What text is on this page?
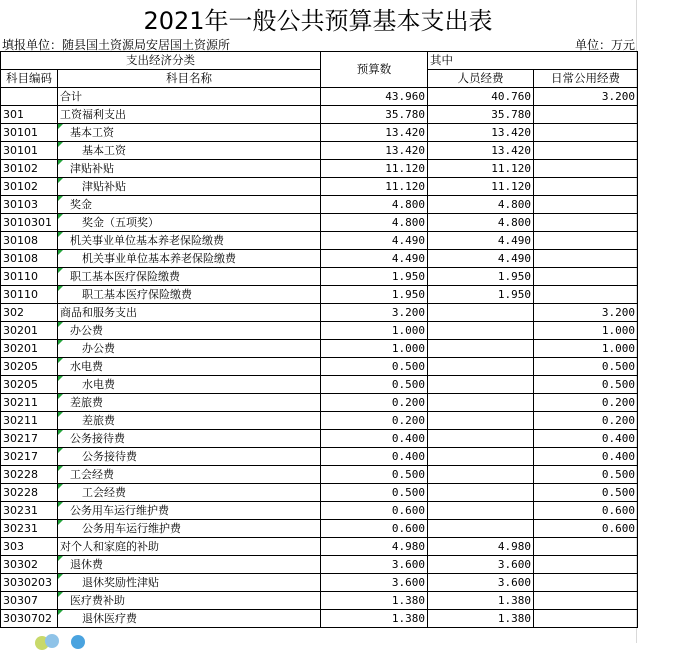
2021年一般公共预算基本支出表
填报单位：随县国土资源局安居国土资源所	单位：万元
支出经济分类		预算数	其中	
科目编码	科目名称		人员经费	日常公用经费
	合计	43.960	40.760	3.200
301	工资福利支出	35.780	35.780	
30101	基本工资	13.420	13.420	
30101	基本工资	13.420	13.420	
30102	津贴补贴	11.120	11.120	
30102	津贴补贴	11.120	11.120	
30103	奖金	4.800	4.800	
3010301	奖金（五项奖）	4.800	4.800	
30108	机关事业单位基本养老保险缴费	4.490	4.490	
30108	机关事业单位基本养老保险缴费	4.490	4.490	
30110	职工基本医疗保险缴费	1.950	1.950	
30110	职工基本医疗保险缴费	1.950	1.950	
302	商品和服务支出	3.200		3.200
30201	办公费	1.000		1.000
30201	办公费	1.000		1.000
30205	水电费	0.500		0.500
30205	水电费	0.500		0.500
30211	差旅费	0.200		0.200
30211	差旅费	0.200		0.200
30217	公务接待费	0.400		0.400
30217	公务接待费	0.400		0.400
30228	工会经费	0.500		0.500
30228	工会经费	0.500		0.500
30231	公务用车运行维护费	0.600		0.600
30231	公务用车运行维护费	0.600		0.600
303	对个人和家庭的补助	4.980	4.980	
30302	退休费	3.600	3.600	
3030203	退休奖励性津贴	3.600	3.600	
30307	医疗费补助	1.380	1.380	
3030702	退休医疗费	1.380	1.380	
